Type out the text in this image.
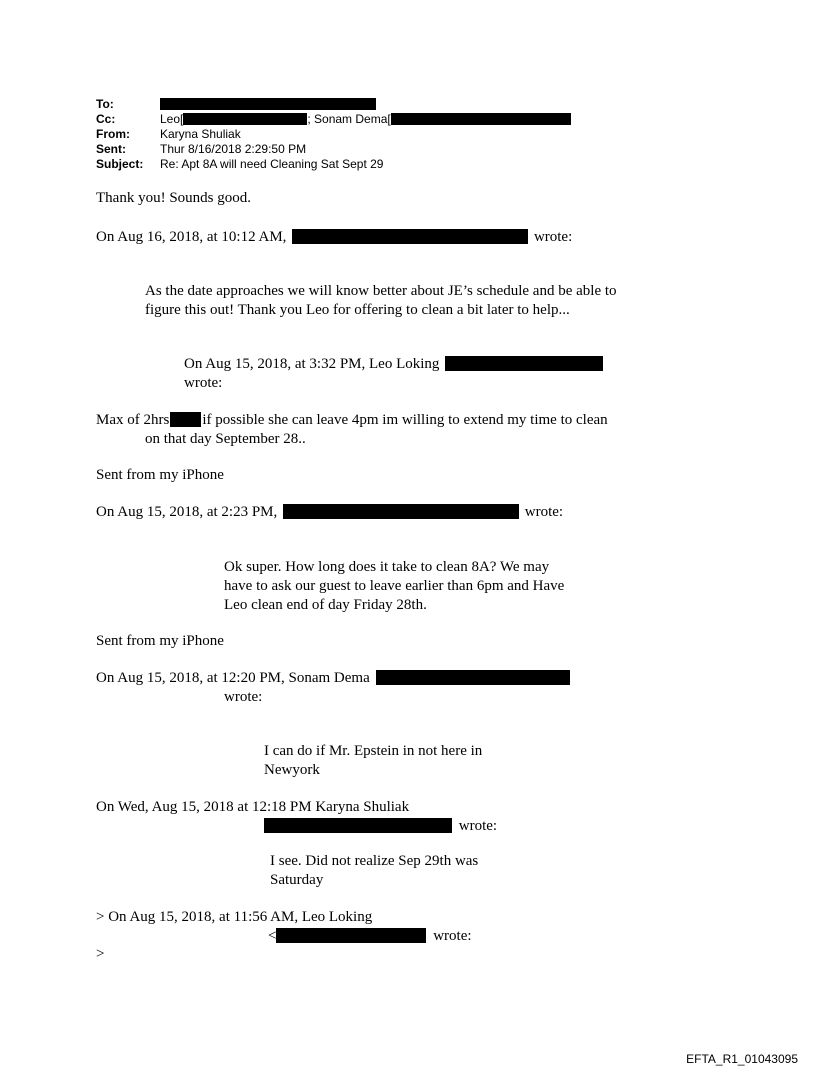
To:
Cc:	Leo[	; Sonam Dema[
From:	Karyna Shuliak
Sent:	Thur 8/16/2018 2:29:50 PM
Subject: Re: Apt 8A will need Cleaning Sat Sept 29
Thank you! Sounds good.
On Aug 16, 2018, at 10:12 AM,	wrote:
As the date approaches we will know better about JE’s schedule and be able to
figure this out! Thank you Leo for offering to clean a bit later to help...
On Aug 15, 2018, at 3:32 PM, Leo Loking
wrote:
Max of 2hrs if possible she can leave 4pm im willing to extend my time to clean
on that day September 28..
Sent from my iPhone
On Aug 15, 2018, at 2:23 PM,	wrote:
Ok super. How long does it take to clean 8A? We may
have to ask our guest to leave earlier than 6pm and Have
Leo clean end of day Friday 28th.
Sent from my iPhone
On Aug 15, 2018, at 12:20 PM, Sonam Dema
wrote:
I can do if Mr. Epstein in not here in
Newyork
On Wed, Aug 15, 2018 at 12:18 PM Karyna Shuliak
wrote:
I see. Did not realize Sep 29th was
Saturday
> On Aug 15, 2018, at 11:56 AM, Leo Loking
<	wrote:
>
EFTA_R1_01043095
